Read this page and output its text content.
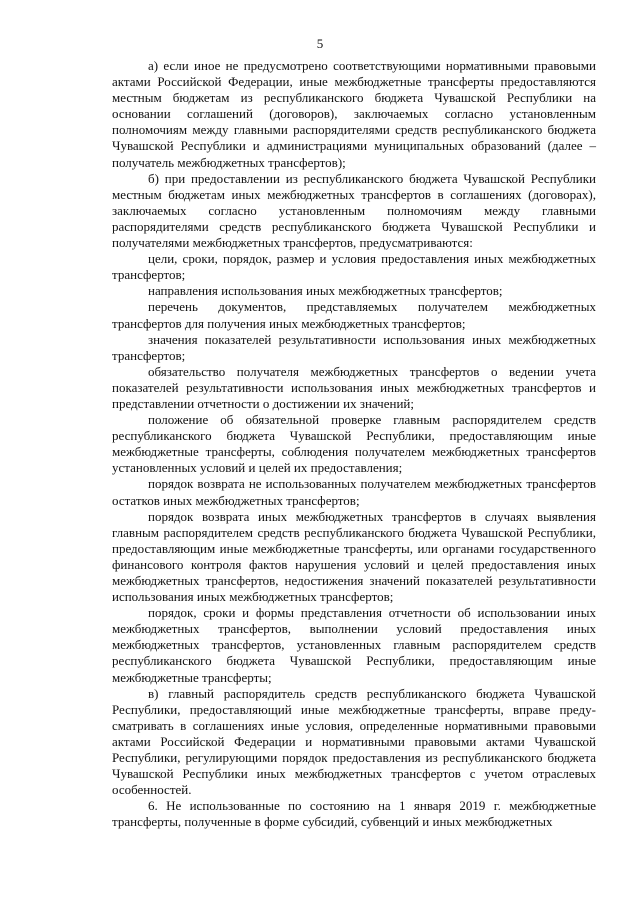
5

а) если иное не предусмотрено соответствующими нормативными правовыми актами Российской Федерации, иные межбюджетные трансферты предоставляются местным бюджетам из республиканского бюджета Чувашской Республики на основании соглашений (договоров), заключаемых согласно установленным полномочиям между главными распорядителями средств республиканского бюджета Чувашской Республики и администрациями муниципальных образований (далее – получатель межбюджетных трансфертов);

б) при предоставлении из республиканского бюджета Чувашской Республики местным бюджетам иных межбюджетных трансфертов в соглашениях (договорах), заключаемых согласно установленным полномочиям между главными распорядителями средств республиканского бюджета Чувашской Республики и получателями межбюджетных трансфертов, предусматриваются:

цели, сроки, порядок, размер и условия предоставления иных межбюджетных трансфертов;

направления использования иных межбюджетных трансфертов;

перечень документов, представляемых получателем межбюджетных трансфертов для получения иных межбюджетных трансфертов;

значения показателей результативности использования иных межбюджетных трансфертов;

обязательство получателя межбюджетных трансфертов о ведении учета показателей результативности использования иных межбюджетных трансфертов и представлении отчетности о достижении их значений;

положение об обязательной проверке главным распорядителем средств республиканского бюджета Чувашской Республики, предоставляющим иные межбюджетные трансферты, соблюдения получателем межбюджетных трансфертов установленных условий и целей их предоставления;

порядок возврата не использованных получателем межбюджетных трансфертов остатков иных межбюджетных трансфертов;

порядок возврата иных межбюджетных трансфертов в случаях выявления главным распорядителем средств республиканского бюджета Чувашской Республики, предоставляющим иные межбюджетные трансферты, или органами государственного финансового контроля фактов нарушения условий и целей предоставления иных межбюджетных трансфертов, недостижения значений показателей результативности использования иных межбюджетных трансфертов;

порядок, сроки и формы представления отчетности об использовании иных межбюджетных трансфертов, выполнении условий предоставления иных межбюджетных трансфертов, установленных главным распорядителем средств республиканского бюджета Чувашской Республики, предоставляющим иные межбюджетные трансферты;

в) главный распорядитель средств республиканского бюджета Чувашской Республики, предоставляющий иные межбюджетные трансферты, вправе предусматривать в соглашениях иные условия, определенные нормативными правовыми актами Российской Федерации и нормативными правовыми актами Чувашской Республики, регулирующими порядок предоставления из республиканского бюджета Чувашской Республики иных межбюджетных трансфертов с учетом отраслевых особенностей.

6. Не использованные по состоянию на 1 января 2019 г. межбюджетные трансферты, полученные в форме субсидий, субвенций и иных межбюджетных
